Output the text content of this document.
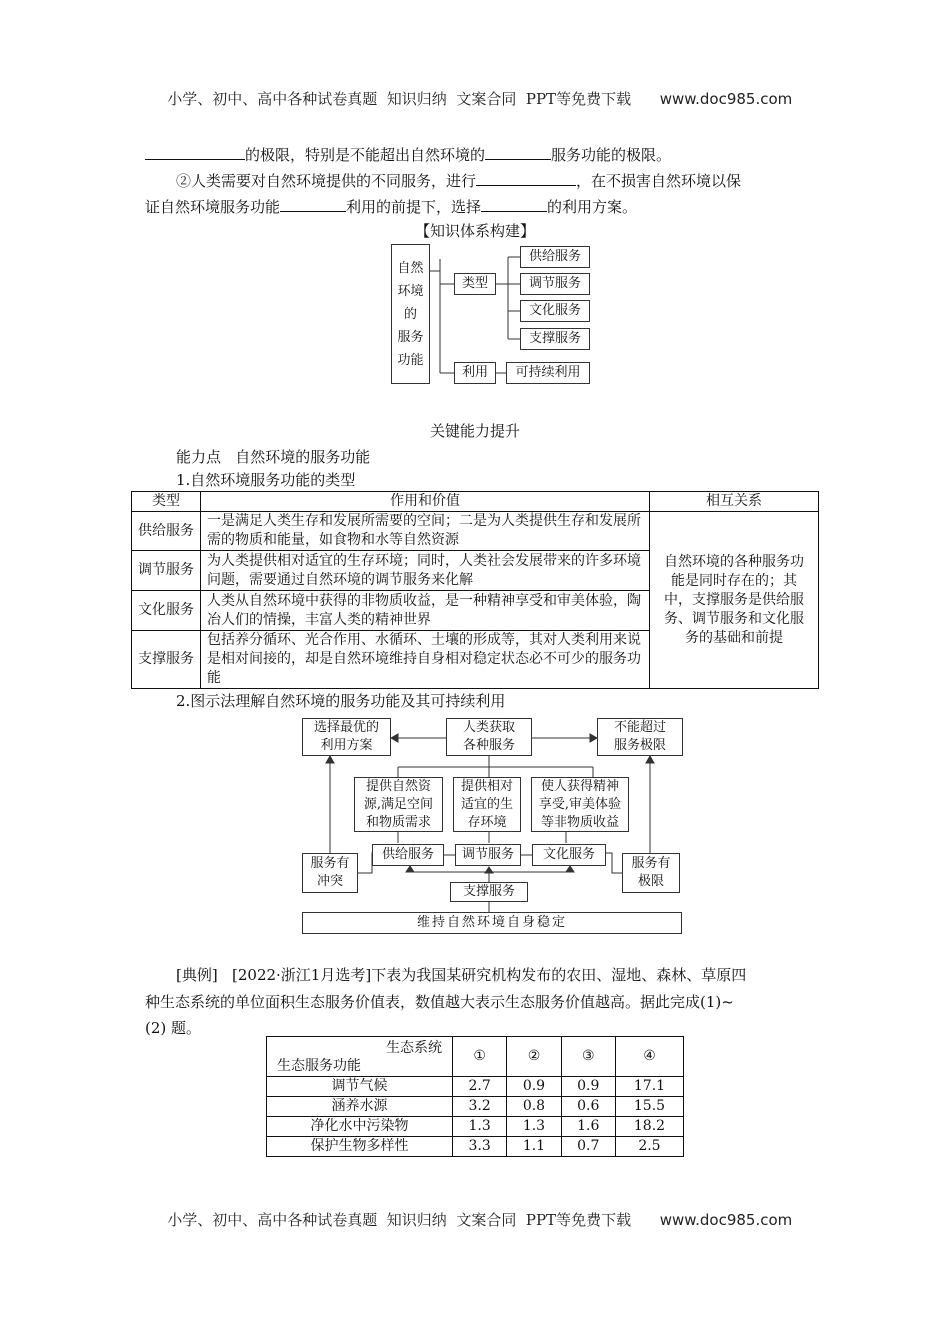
小学、初中、高中各种试卷真题  知识归纳  文案合同  PPT等免费下载 www.doc985.com

的极限，特别是不能超出自然环境的	服务功能的极限。
②人类需要对自然环境提供的不同服务，进行	，在不损害自然环境以保
证自然环境服务功能	利用的前提下，选择	的利用方案。
【知识体系构建】
自然
环境
的
服务
功能
类型
利用
供给服务
调节服务
文化服务
支撑服务
可持续利用
关键能力提升
能力点   自然环境的服务功能
1.自然环境服务功能的类型
类型	作用和价值	相互关系
供给服务	一是满足人类生存和发展所需要的空间；二是为人类提供生存和发展所需的物质和能量，如食物和水等自然资源	自然环境的各种服务功能是同时存在的；其中，支撑服务是供给服务、调节服务和文化服务的基础和前提
调节服务	为人类提供相对适宜的生存环境；同时，人类社会发展带来的许多环境问题，需要通过自然环境的调节服务来化解	
文化服务	人类从自然环境中获得的非物质收益，是一种精神享受和审美体验，陶冶人们的情操，丰富人类的精神世界	
支撑服务	包括养分循环、光合作用、水循环、土壤的形成等，其对人类利用来说是相对间接的，却是自然环境维持自身相对稳定状态必不可少的服务功能	
2.图示法理解自然环境的服务功能及其可持续利用
选择最优的利用方案
人类获取各种服务
不能超过服务极限
提供自然资源,满足空间和物质需求
提供相对适宜的生存环境
使人获得精神享受,审美体验等非物质收益
服务有冲突
服务有极限
供给服务	调节服务	文化服务
支撑服务
维持自然环境自身稳定
[典例]   [2022·浙江1月选考]下表为我国某研究机构发布的农田、湿地、森林、草原四
种生态系统的单位面积生态服务价值表，数值越大表示生态服务价值越高。据此完成(1)~
(2) 题。
生态系统
生态服务功能	①	②	③	④
调节气候	2.7	0.9	0.9	17.1
涵养水源	3.2	0.8	0.6	15.5
净化水中污染物	1.3	1.3	1.6	18.2
保护生物多样性	3.3	1.1	0.7	2.5

小学、初中、高中各种试卷真题  知识归纳  文案合同  PPT等免费下载 www.doc985.com
